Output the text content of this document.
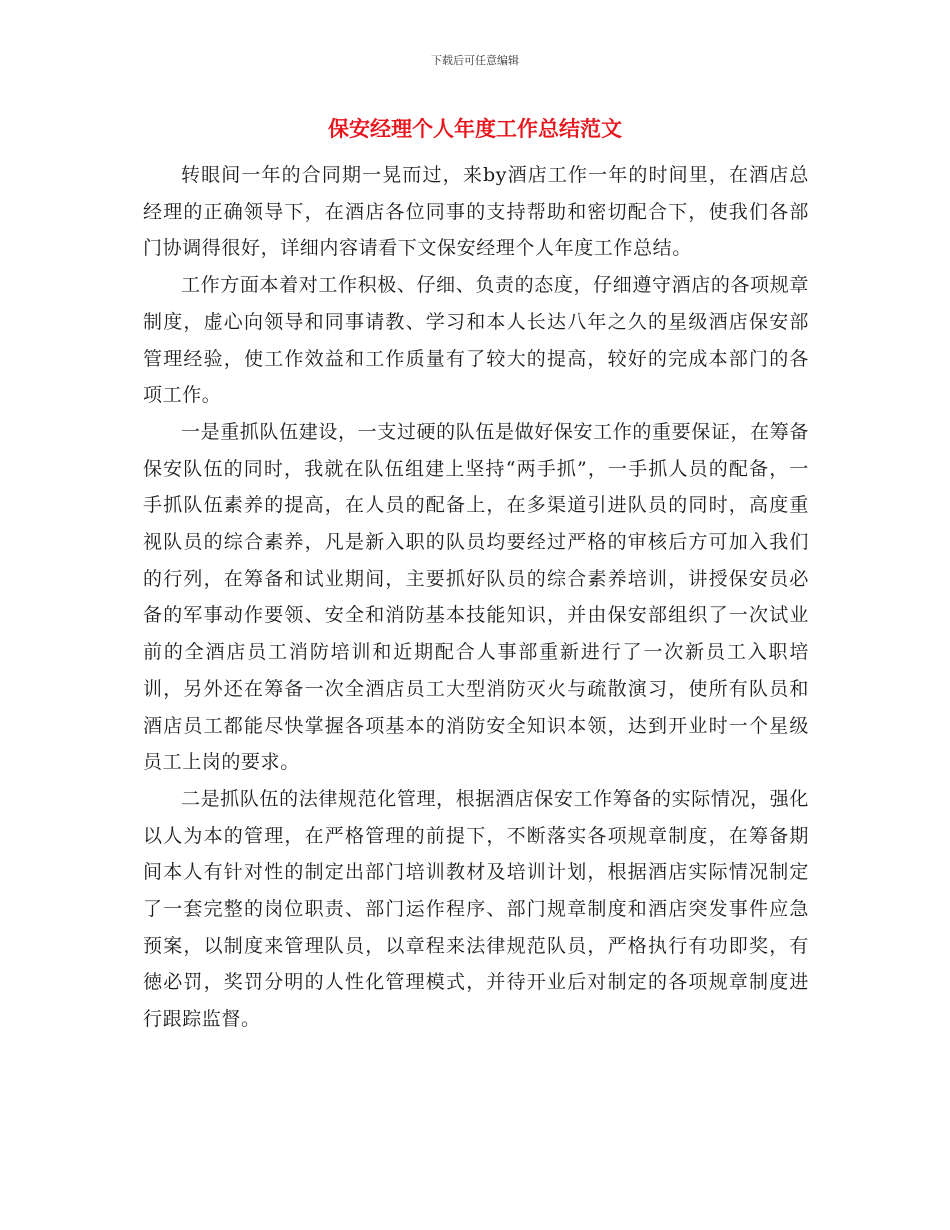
下载后可任意编辑
保安经理个人年度工作总结范文

转眼间一年的合同期一晃而过，来by酒店工作一年的时间里，在酒店总经理的正确领导下，在酒店各位同事的支持帮助和密切配合下，使我们各部门协调得很好，详细内容请看下文保安经理个人年度工作总结。

工作方面本着对工作积极、仔细、负责的态度，仔细遵守酒店的各项规章制度，虚心向领导和同事请教、学习和本人长达八年之久的星级酒店保安部管理经验，使工作效益和工作质量有了较大的提高，较好的完成本部门的各项工作。

一是重抓队伍建设，一支过硬的队伍是做好保安工作的重要保证，在筹备保安队伍的同时，我就在队伍组建上坚持“两手抓”，一手抓人员的配备，一手抓队伍素养的提高，在人员的配备上，在多渠道引进队员的同时，高度重视队员的综合素养，凡是新入职的队员均要经过严格的审核后方可加入我们的行列，在筹备和试业期间，主要抓好队员的综合素养培训，讲授保安员必备的军事动作要领、安全和消防基本技能知识，并由保安部组织了一次试业前的全酒店员工消防培训和近期配合人事部重新进行了一次新员工入职培训，另外还在筹备一次全酒店员工大型消防灭火与疏散演习，使所有队员和酒店员工都能尽快掌握各项基本的消防安全知识本领，达到开业时一个星级员工上岗的要求。

二是抓队伍的法律规范化管理，根据酒店保安工作筹备的实际情况，强化以人为本的管理，在严格管理的前提下，不断落实各项规章制度，在筹备期间本人有针对性的制定出部门培训教材及培训计划，根据酒店实际情况制定了一套完整的岗位职责、部门运作程序、部门规章制度和酒店突发事件应急预案，以制度来管理队员，以章程来法律规范队员，严格执行有功即奖，有徳必罚，奖罚分明的人性化管理模式，并待开业后对制定的各项规章制度进行跟踪监督。
